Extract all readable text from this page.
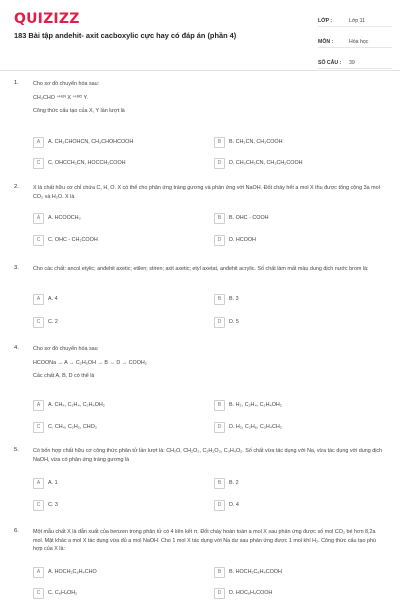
QUIZIZZ
183 Bài tập andehit- axit cacboxylic cực hay có đáp án (phần 4)
LỚP :	Lớp 11
MÔN :	Hóa học
SỐ CÂU :	39
1.	Cho sơ đồ chuyển hóa sau:
CH₃CHO ⁺ᴴᶜᴺ X ⁺ᴴ³ᴼ Y.
Công thức cấu tạo của X, Y lần lượt là
A	A. CH₃CHOHCN, CH₃CHOHCOOH	B	B. CH₃CN, CH₃COOH
C	C. OHCCH₂CN, HOCCH₂COOH	D	D. CH₃CH₂CN, CH₃CH₂COOH
2.	X là chất hữu cơ chỉ chứa C, H, O. X có thể cho phản ứng tráng gương và phản ứng với NaOH. Đốt cháy hết a mol X thu được tổng cộng 3a mol CO₂ và H₂O. X là
A	A. HCOOCH₃	B	B. OHC - COOH
C	C. OHC - CH₂COOH	D	D. HCOOH
3.	Cho các chất: ancol etylic; anđehit axetic; etilen; stiren; axit axetic; etyl axetat, anđehit acrylic. Số chất làm mất màu dung dịch nước brom là:
A	A. 4	B	B. 3
C	C. 2	D	D. 5
4.	Cho sơ đồ chuyển hóa sau
HCOONa → A → C₂H₅OH → B → D → COOH₂
Các chất A, B, D có thể là
A	A. CH₄, C₂H₄, C₂H₄OH₂	B	B. H₂, C₂H₄, C₂H₄OH₂
C	C. CH₄, C₂H₂, CHO₂	D	D. H₂, C₂H₆, C₂H₄CH₂
5.	Có bốn hợp chất hữu cơ công thức phân tử lần lượt là: CH₂O, CH₂O₂, C₂H₂O₃, C₃H₄O₂. Số chất vừa tác dụng với Na, vừa tác dụng với dung dịch NaOH, vừa có phản ứng tráng gương là
A	A. 1	B	B. 2
C	C. 3	D	D. 4
6.	Một mẫu chất X là dẫn xuất của benzen trong phân tử có 4 liên kết π. Đốt cháy hoàn toàn a mol X sau phản ứng được số mol CO₂ bé hơn 8,2a mol. Mặt khác a mol X tác dụng vừa đủ a mol NaOH. Cho 1 mol X tác dụng với Na dư sau phản ứng được 1 mol khí H₂. Công thức cấu tạo phù hợp của X là:
A	A. HOCH₂C₆H₄CHO	B	B. HOCH₂C₆H₄COOH
C	C. C₆H₄OH₂	D	D. HOC₆H₄COOH
